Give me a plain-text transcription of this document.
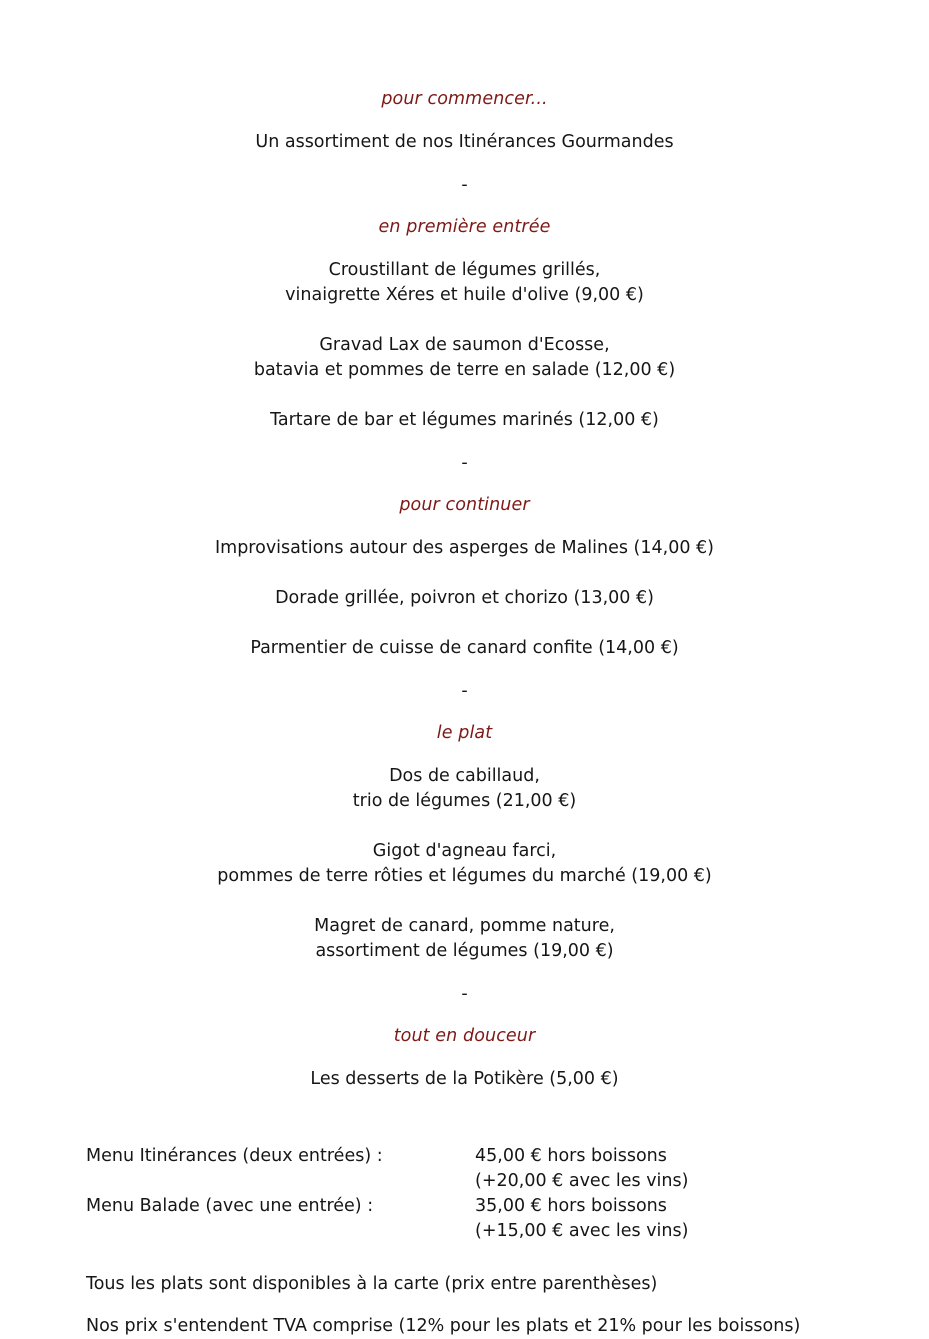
pour commencer...

Un assortiment de nos Itinérances Gourmandes

-

en première entrée

Croustillant de légumes grillés,
vinaigrette Xéres et huile d'olive (9,00 €)

Gravad Lax de saumon d'Ecosse,
batavia et pommes de terre en salade (12,00 €)

Tartare de bar et légumes marinés (12,00 €)

-

pour continuer

Improvisations autour des asperges de Malines (14,00 €)

Dorade grillée, poivron et chorizo (13,00 €)

Parmentier de cuisse de canard confite (14,00 €)

-

le plat

Dos de cabillaud,
trio de légumes (21,00 €)

Gigot d'agneau farci,
pommes de terre rôties et légumes du marché (19,00 €)

Magret de canard, pomme nature,
assortiment de légumes (19,00 €)

-

tout en douceur

Les desserts de la Potikère (5,00 €)

Menu Itinérances (deux entrées) :	45,00 € hors boissons
(+20,00 € avec les vins)
Menu Balade (avec une entrée) :	35,00 € hors boissons
(+15,00 € avec les vins)

Tous les plats sont disponibles à la carte (prix entre parenthèses)

Nos prix s'entendent TVA comprise (12% pour les plats et 21% pour les boissons)
